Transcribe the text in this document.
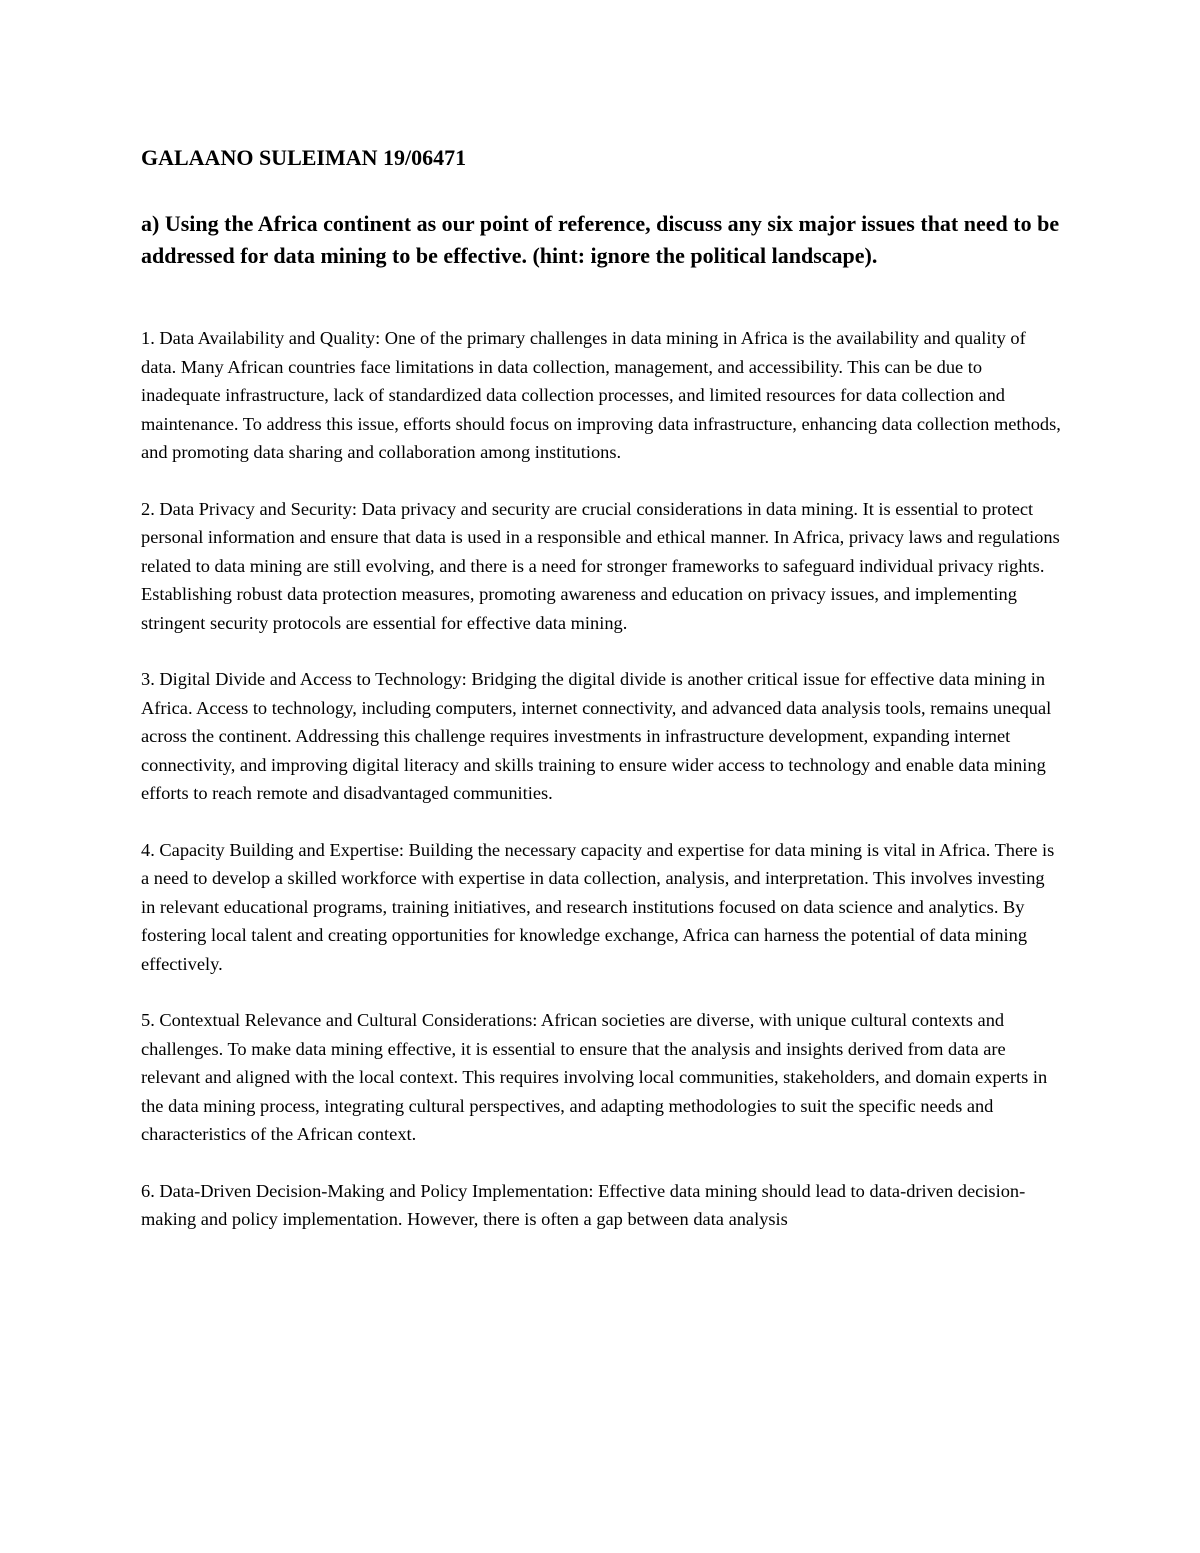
GALAANO SULEIMAN 19/06471
a) Using the Africa continent as our point of reference, discuss any six major issues that need to be addressed for data mining to be effective. (hint: ignore the political landscape).
1. Data Availability and Quality: One of the primary challenges in data mining in Africa is the availability and quality of data. Many African countries face limitations in data collection, management, and accessibility. This can be due to inadequate infrastructure, lack of standardized data collection processes, and limited resources for data collection and maintenance. To address this issue, efforts should focus on improving data infrastructure, enhancing data collection methods, and promoting data sharing and collaboration among institutions.
2. Data Privacy and Security: Data privacy and security are crucial considerations in data mining. It is essential to protect personal information and ensure that data is used in a responsible and ethical manner. In Africa, privacy laws and regulations related to data mining are still evolving, and there is a need for stronger frameworks to safeguard individual privacy rights. Establishing robust data protection measures, promoting awareness and education on privacy issues, and implementing stringent security protocols are essential for effective data mining.
3. Digital Divide and Access to Technology: Bridging the digital divide is another critical issue for effective data mining in Africa. Access to technology, including computers, internet connectivity, and advanced data analysis tools, remains unequal across the continent. Addressing this challenge requires investments in infrastructure development, expanding internet connectivity, and improving digital literacy and skills training to ensure wider access to technology and enable data mining efforts to reach remote and disadvantaged communities.
4. Capacity Building and Expertise: Building the necessary capacity and expertise for data mining is vital in Africa. There is a need to develop a skilled workforce with expertise in data collection, analysis, and interpretation. This involves investing in relevant educational programs, training initiatives, and research institutions focused on data science and analytics. By fostering local talent and creating opportunities for knowledge exchange, Africa can harness the potential of data mining effectively.
5. Contextual Relevance and Cultural Considerations: African societies are diverse, with unique cultural contexts and challenges. To make data mining effective, it is essential to ensure that the analysis and insights derived from data are relevant and aligned with the local context. This requires involving local communities, stakeholders, and domain experts in the data mining process, integrating cultural perspectives, and adapting methodologies to suit the specific needs and characteristics of the African context.
6. Data-Driven Decision-Making and Policy Implementation: Effective data mining should lead to data-driven decision-making and policy implementation. However, there is often a gap between data analysis
